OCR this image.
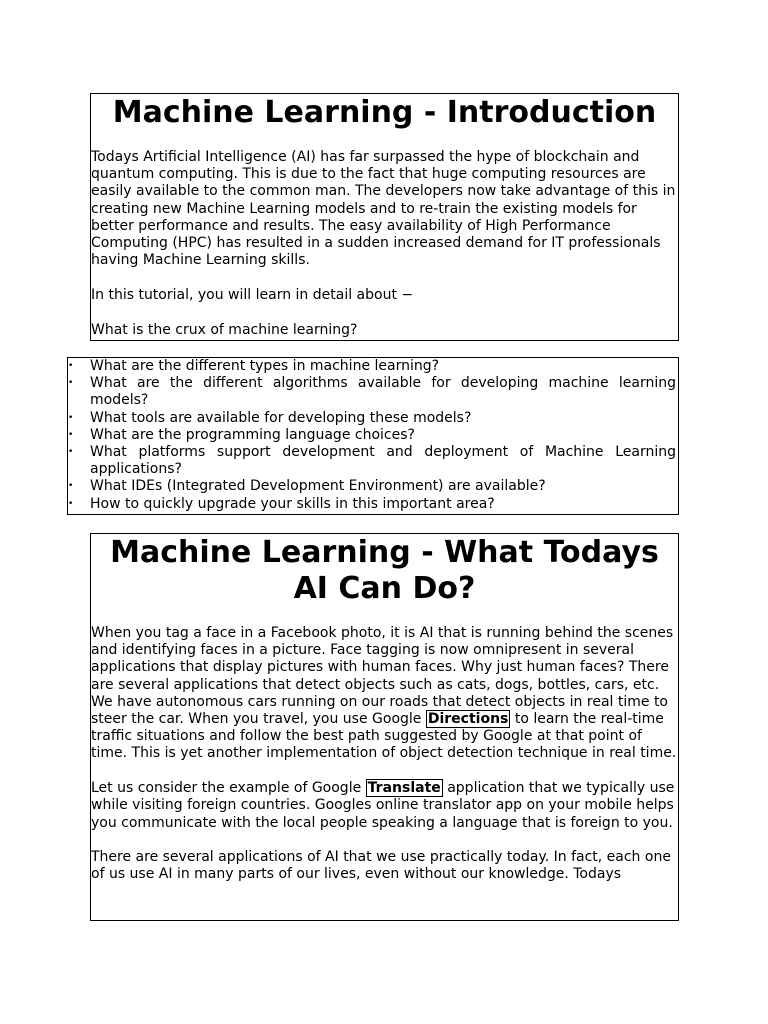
Machine Learning - Introduction

Todays Artificial Intelligence (AI) has far surpassed the hype of blockchain and quantum computing. This is due to the fact that huge computing resources are easily available to the common man. The developers now take advantage of this in creating new Machine Learning models and to re-train the existing models for better performance and results. The easy availability of High Performance Computing (HPC) has resulted in a sudden increased demand for IT professionals having Machine Learning skills.

In this tutorial, you will learn in detail about −

What is the crux of machine learning?

• What are the different types in machine learning?
• What are the different algorithms available for developing machine learning models?
• What tools are available for developing these models?
• What are the programming language choices?
• What platforms support development and deployment of Machine Learning applications?
• What IDEs (Integrated Development Environment) are available?
• How to quickly upgrade your skills in this important area?
Machine Learning - What Todays AI Can Do?

When you tag a face in a Facebook photo, it is AI that is running behind the scenes and identifying faces in a picture. Face tagging is now omnipresent in several applications that display pictures with human faces. Why just human faces? There are several applications that detect objects such as cats, dogs, bottles, cars, etc. We have autonomous cars running on our roads that detect objects in real time to steer the car. When you travel, you use Google Directions to learn the real-time traffic situations and follow the best path suggested by Google at that point of time. This is yet another implementation of object detection technique in real time.

Let us consider the example of Google Translate application that we typically use while visiting foreign countries. Googles online translator app on your mobile helps you communicate with the local people speaking a language that is foreign to you.

There are several applications of AI that we use practically today. In fact, each one of us use AI in many parts of our lives, even without our knowledge. Todays
